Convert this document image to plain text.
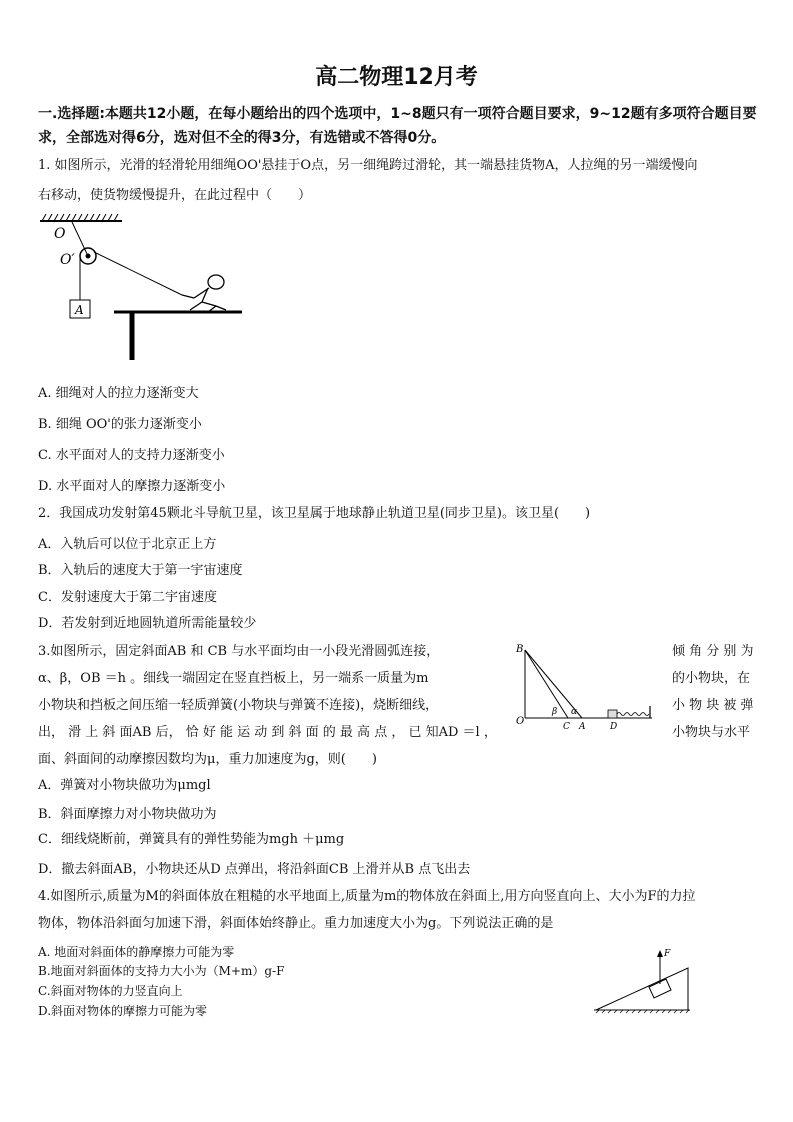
高二物理12月考
一.选择题:本题共12小题，在每小题给出的四个选项中，1~8题只有一项符合题目要求，9~12题有多项符合题目要求，全部选对得6分，选对但不全的得3分，有选错或不答得0分。
1. 如图所示，光滑的轻滑轮用细绳OO'悬挂于O点，另一细绳跨过滑轮，其一端悬挂货物A，人拉绳的另一端缓慢向
右移动，使货物缓慢提升，在此过程中（　　）
O
O′
A
A. 细绳对人的拉力逐渐变大
B. 细绳 OO'的张力逐渐变小
C. 水平面对人的支持力逐渐变小
D. 水平面对人的摩擦力逐渐变小
2．我国成功发射第45颗北斗导航卫星，该卫星属于地球静止轨道卫星(同步卫星)。该卫星(　　)
A．入轨后可以位于北京正上方
B．入轨后的速度大于第一宇宙速度
C．发射速度大于第二宇宙速度
D．若发射到近地圆轨道所需能量较少
3.如图所示，固定斜面AB 和 CB 与水平面均由一小段光滑圆弧连接，	倾 角 分 别 为
α、β，OB ＝h 。细线一端固定在竖直挡板上，另一端系一质量为m	的小物块，在
小物块和挡板之间压缩一轻质弹簧(小物块与弹簧不连接)，烧断细线，	小 物 块 被 弹
出， 滑 上 斜 面AB 后， 恰 好 能 运 动 到 斜 面 的 最 高 点 ， 已 知AD ＝l ，	小物块与水平
面、斜面间的动摩擦因数均为μ，重力加速度为g，则(　　)
B
O
β α
C A	D
A．弹簧对小物块做功为μmgl
B．斜面摩擦力对小物块做功为
C．细线烧断前，弹簧具有的弹性势能为mgh ＋μmg
D．撤去斜面AB，小物块还从D 点弹出，将沿斜面CB 上滑并从B 点飞出去
4.如图所示,质量为M的斜面体放在粗糙的水平地面上,质量为m的物体放在斜面上,用方向竖直向上、大小为F的力拉
物体，物体沿斜面匀加速下滑，斜面体始终静止。重力加速度大小为g。下列说法正确的是
A. 地面对斜面体的静摩擦力可能为零
B.地面对斜面体的支持力大小为（M+m）g-F
C.斜面对物体的力竖直向上
D.斜面对物体的摩擦力可能为零
F
